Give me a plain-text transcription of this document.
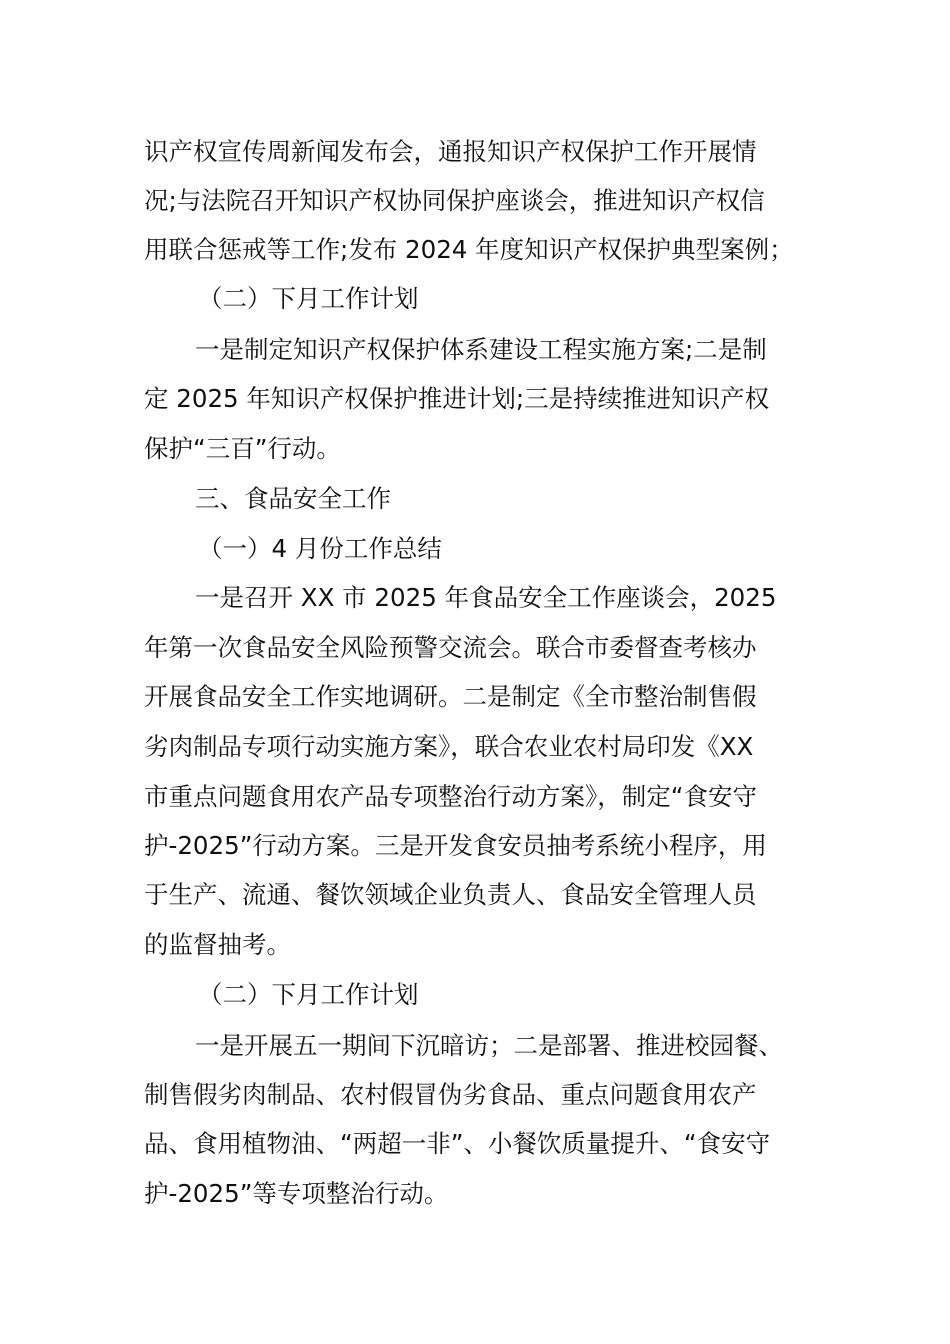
识产权宣传周新闻发布会，通报知识产权保护工作开展情
况;与法院召开知识产权协同保护座谈会，推进知识产权信
用联合惩戒等工作;发布 2024 年度知识产权保护典型案例；
（二）下月工作计划
一是制定知识产权保护体系建设工程实施方案;二是制
定 2025 年知识产权保护推进计划;三是持续推进知识产权
保护“三百”行动。
三、食品安全工作
（一）4 月份工作总结
一是召开 XX 市 2025 年食品安全工作座谈会，2025
年第一次食品安全风险预警交流会。联合市委督查考核办
开展食品安全工作实地调研。二是制定《全市整治制售假
劣肉制品专项行动实施方案》，联合农业农村局印发《XX
市重点问题食用农产品专项整治行动方案》，制定“食安守
护-2025”行动方案。三是开发食安员抽考系统小程序，用
于生产、流通、餐饮领域企业负责人、食品安全管理人员
的监督抽考。
（二）下月工作计划
一是开展五一期间下沉暗访；二是部署、推进校园餐、
制售假劣肉制品、农村假冒伪劣食品、重点问题食用农产
品、食用植物油、“两超一非”、小餐饮质量提升、“食安守
护-2025”等专项整治行动。
